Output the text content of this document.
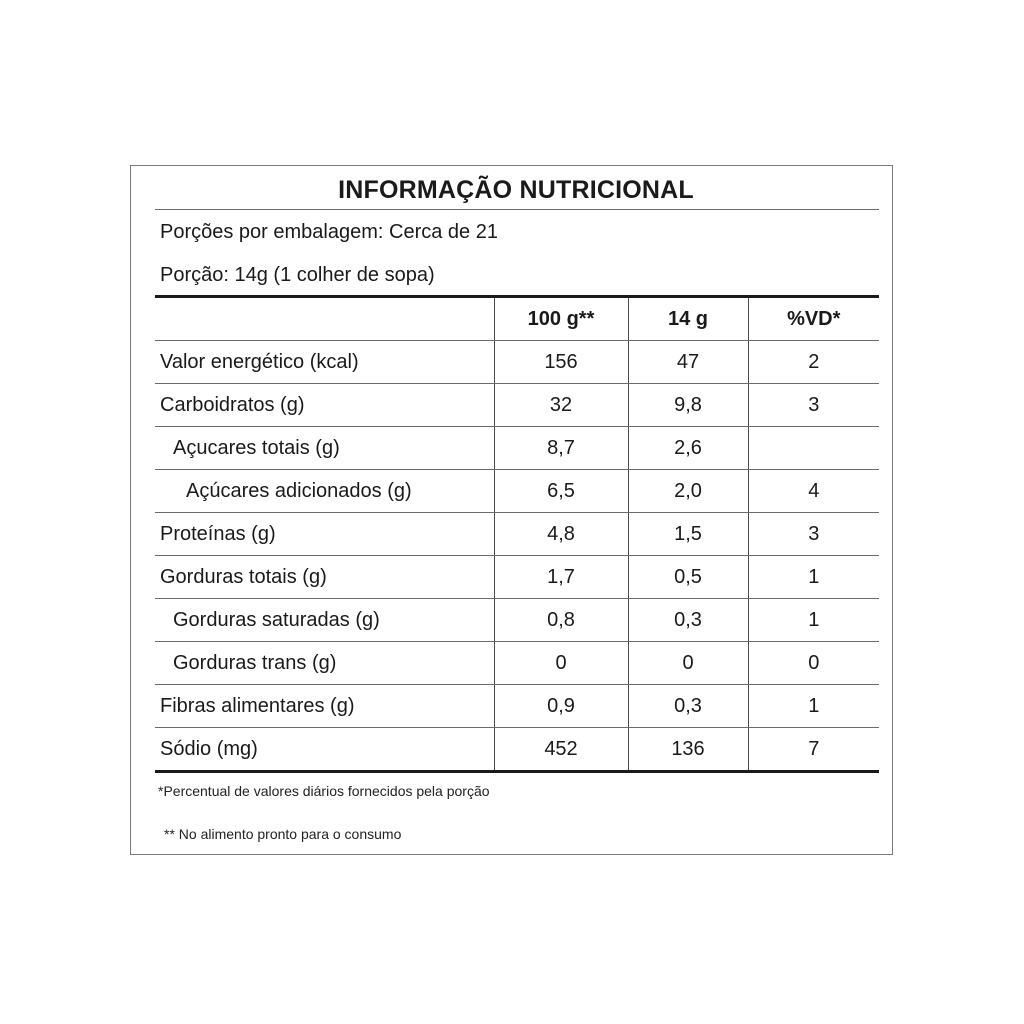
INFORMAÇÃO NUTRICIONAL
Porções por embalagem: Cerca de 21
Porção: 14g (1 colher de sopa)
	100 g**	14 g	%VD*
Valor energético (kcal)	156	47	2
Carboidratos (g)	32	9,8	3
Açucares totais (g)	8,7	2,6	
Açúcares adicionados (g)	6,5	2,0	4
Proteínas (g)	4,8	1,5	3
Gorduras totais (g)	1,7	0,5	1
Gorduras saturadas (g)	0,8	0,3	1
Gorduras trans (g)	0	0	0
Fibras alimentares (g)	0,9	0,3	1
Sódio (mg)	452	136	7
*Percentual de valores diários fornecidos pela porção
** No alimento pronto para o consumo
